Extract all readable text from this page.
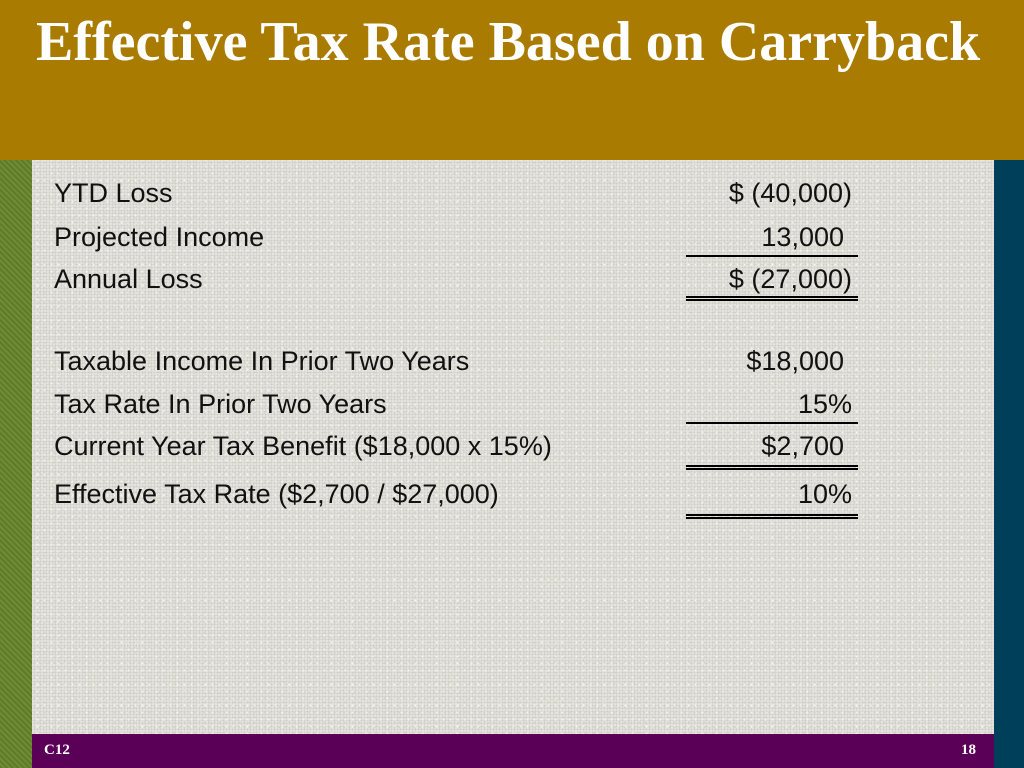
Effective Tax Rate Based on Carryback
YTD Loss	$ (40,000)
Projected Income	13,000
Annual Loss	$ (27,000)
Taxable Income In Prior Two Years	$18,000
Tax Rate In Prior Two Years	15%
Current Year Tax Benefit ($18,000 x 15%)	$2,700
Effective Tax Rate ($2,700 / $27,000)	10%
C12	18
